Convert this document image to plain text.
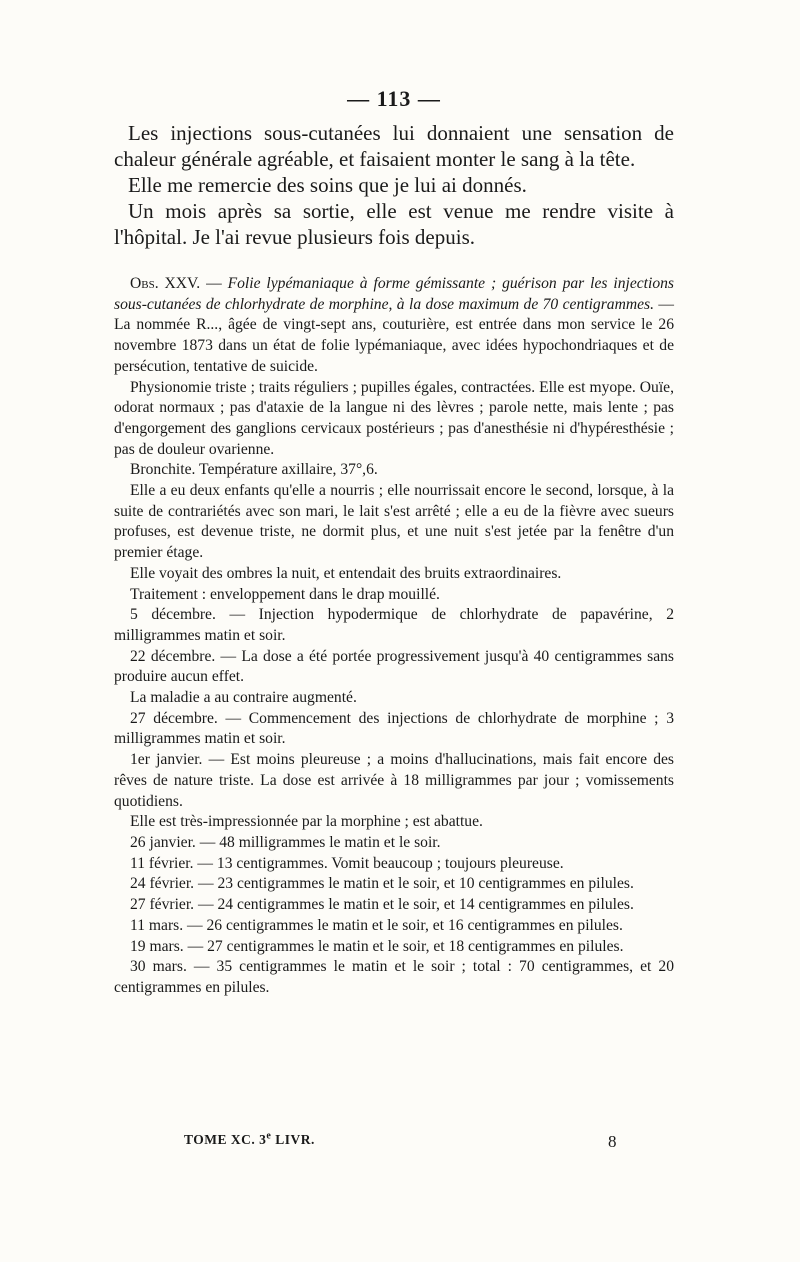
— 113 —

Les injections sous-cutanées lui donnaient une sensation de chaleur générale agréable, et faisaient monter le sang à la tête.

Elle me remercie des soins que je lui ai donnés.

Un mois après sa sortie, elle est venue me rendre visite à l'hôpital. Je l'ai revue plusieurs fois depuis.

Obs. XXV. — Folie lypémaniaque à forme gémissante ; guérison par les injections sous-cutanées de chlorhydrate de morphine, à la dose maximum de 70 centigrammes. — La nommée R..., âgée de vingt-sept ans, couturière, est entrée dans mon service le 26 novembre 1873 dans un état de folie lypémaniaque, avec idées hypochondriaques et de persécution, tentative de suicide.

Physionomie triste ; traits réguliers ; pupilles égales, contractées. Elle est myope. Ouïe, odorat normaux ; pas d'ataxie de la langue ni des lèvres ; parole nette, mais lente ; pas d'engorgement des ganglions cervicaux postérieurs ; pas d'anesthésie ni d'hypéresthésie ; pas de douleur ovarienne.

Bronchite. Température axillaire, 37°,6.

Elle a eu deux enfants qu'elle a nourris ; elle nourrissait encore le second, lorsque, à la suite de contrariétés avec son mari, le lait s'est arrêté ; elle a eu de la fièvre avec sueurs profuses, est devenue triste, ne dormit plus, et une nuit s'est jetée par la fenêtre d'un premier étage.

Elle voyait des ombres la nuit, et entendait des bruits extraordinaires.

Traitement : enveloppement dans le drap mouillé.

5 décembre. — Injection hypodermique de chlorhydrate de papavérine, 2 milligrammes matin et soir.

22 décembre. — La dose a été portée progressivement jusqu'à 40 centigrammes sans produire aucun effet.

La maladie a au contraire augmenté.

27 décembre. — Commencement des injections de chlorhydrate de morphine ; 3 milligrammes matin et soir.

1er janvier. — Est moins pleureuse ; a moins d'hallucinations, mais fait encore des rêves de nature triste. La dose est arrivée à 18 milligrammes par jour ; vomissements quotidiens.

Elle est très-impressionnée par la morphine ; est abattue.

26 janvier. — 48 milligrammes le matin et le soir.

11 février. — 13 centigrammes. Vomit beaucoup ; toujours pleureuse.

24 février. — 23 centigrammes le matin et le soir, et 10 centigrammes en pilules.

27 février. — 24 centigrammes le matin et le soir, et 14 centigrammes en pilules.

11 mars. — 26 centigrammes le matin et le soir, et 16 centigrammes en pilules.

19 mars. — 27 centigrammes le matin et le soir, et 18 centigrammes en pilules.

30 mars. — 35 centigrammes le matin et le soir ; total : 70 centigrammes, et 20 centigrammes en pilules.

TOME XC. 3e LIVR.	8
